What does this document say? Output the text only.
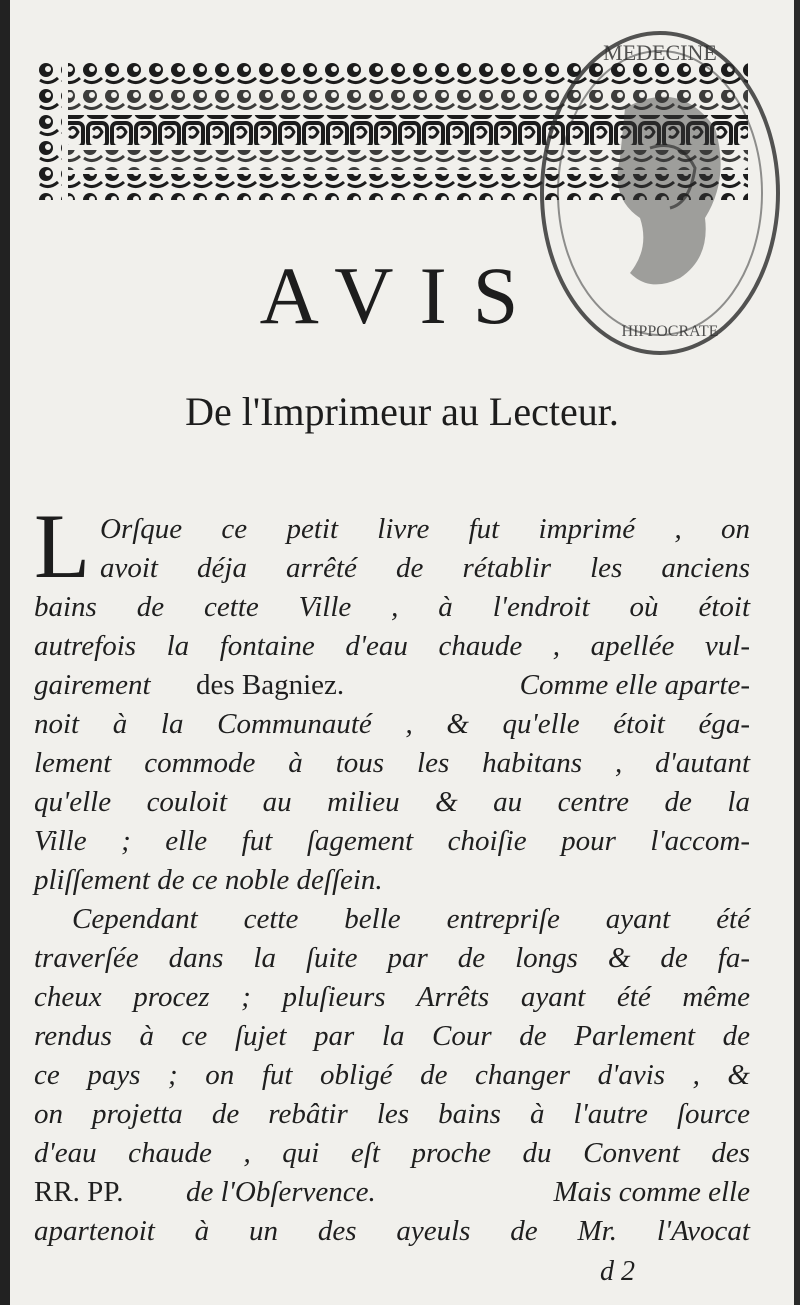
MEDECINE
HIPPOCRATE
AVIS
De l'Imprimeur au Lecteur.
L Orſque ce petit livre fut imprimé , on
avoit déja arrêté de rétablir les anciens
bains de cette Ville , à l'endroit où étoit
autrefois la fontaine d'eau chaude , apellée vul-
gairement des Bagniez.	Comme elle aparte-
noit à la Communauté , & qu'elle étoit éga-
lement commode à tous les habitans , d'autant
qu'elle couloit au milieu & au centre de la
Ville ; elle fut ſagement choiſie pour l'accom-
pliſſement de ce noble deſſein.
Cependant cette belle entrepriſe ayant été
traverſée dans la ſuite par de longs & de fa-
cheux procez ; pluſieurs Arrêts ayant été même
rendus à ce ſujet par la Cour de Parlement de
ce pays ; on fut obligé de changer d'avis , &
on projetta de rebâtir les bains à l'autre ſource
d'eau chaude , qui eſt proche du Convent des
RR. PP. de l'Obſervence.	Mais comme elle
apartenoit à un des ayeuls de Mr. l'Avocat
d 2
